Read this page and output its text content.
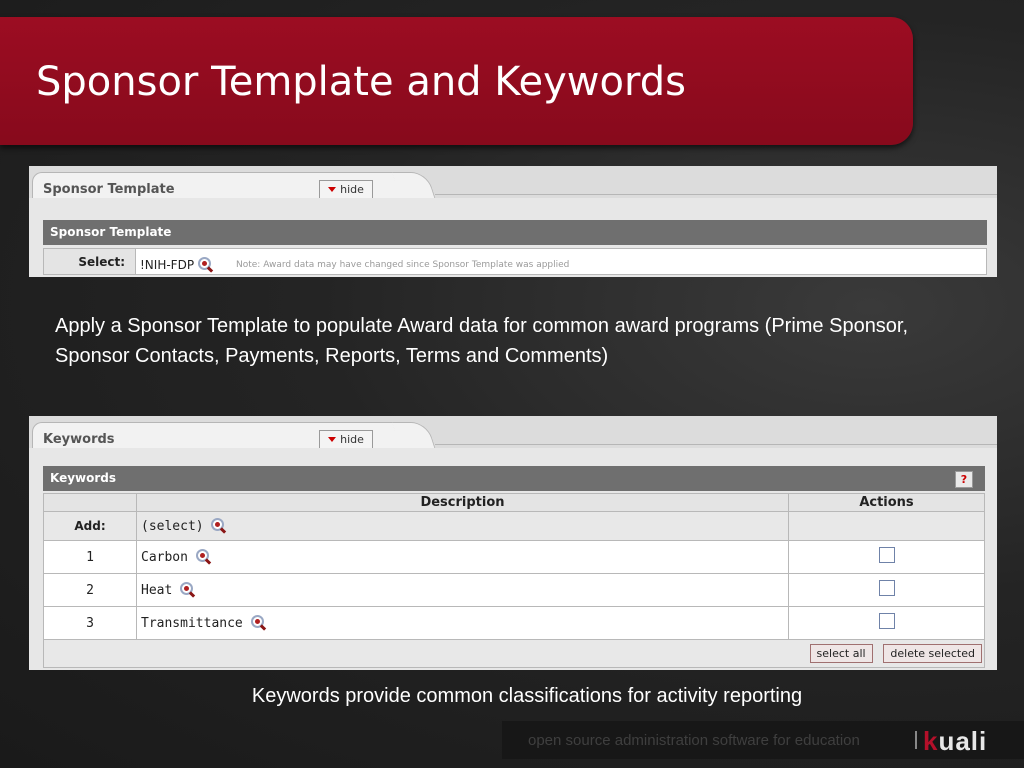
Sponsor Template and Keywords
Sponsor Template	hide
Sponsor Template
Select:	!NIH-FDP	Note: Award data may have changed since Sponsor Template was applied
Apply a Sponsor Template to populate Award data for common award programs (Prime Sponsor, Sponsor Contacts, Payments, Reports, Terms and Comments)
Keywords	hide
Keywords	?
	Description	Actions
Add:	(select)	
1	Carbon	
2	Heat	
3	Transmittance	
select all delete selected		
Keywords provide common classifications for activity reporting
open source administration software for education kuali
